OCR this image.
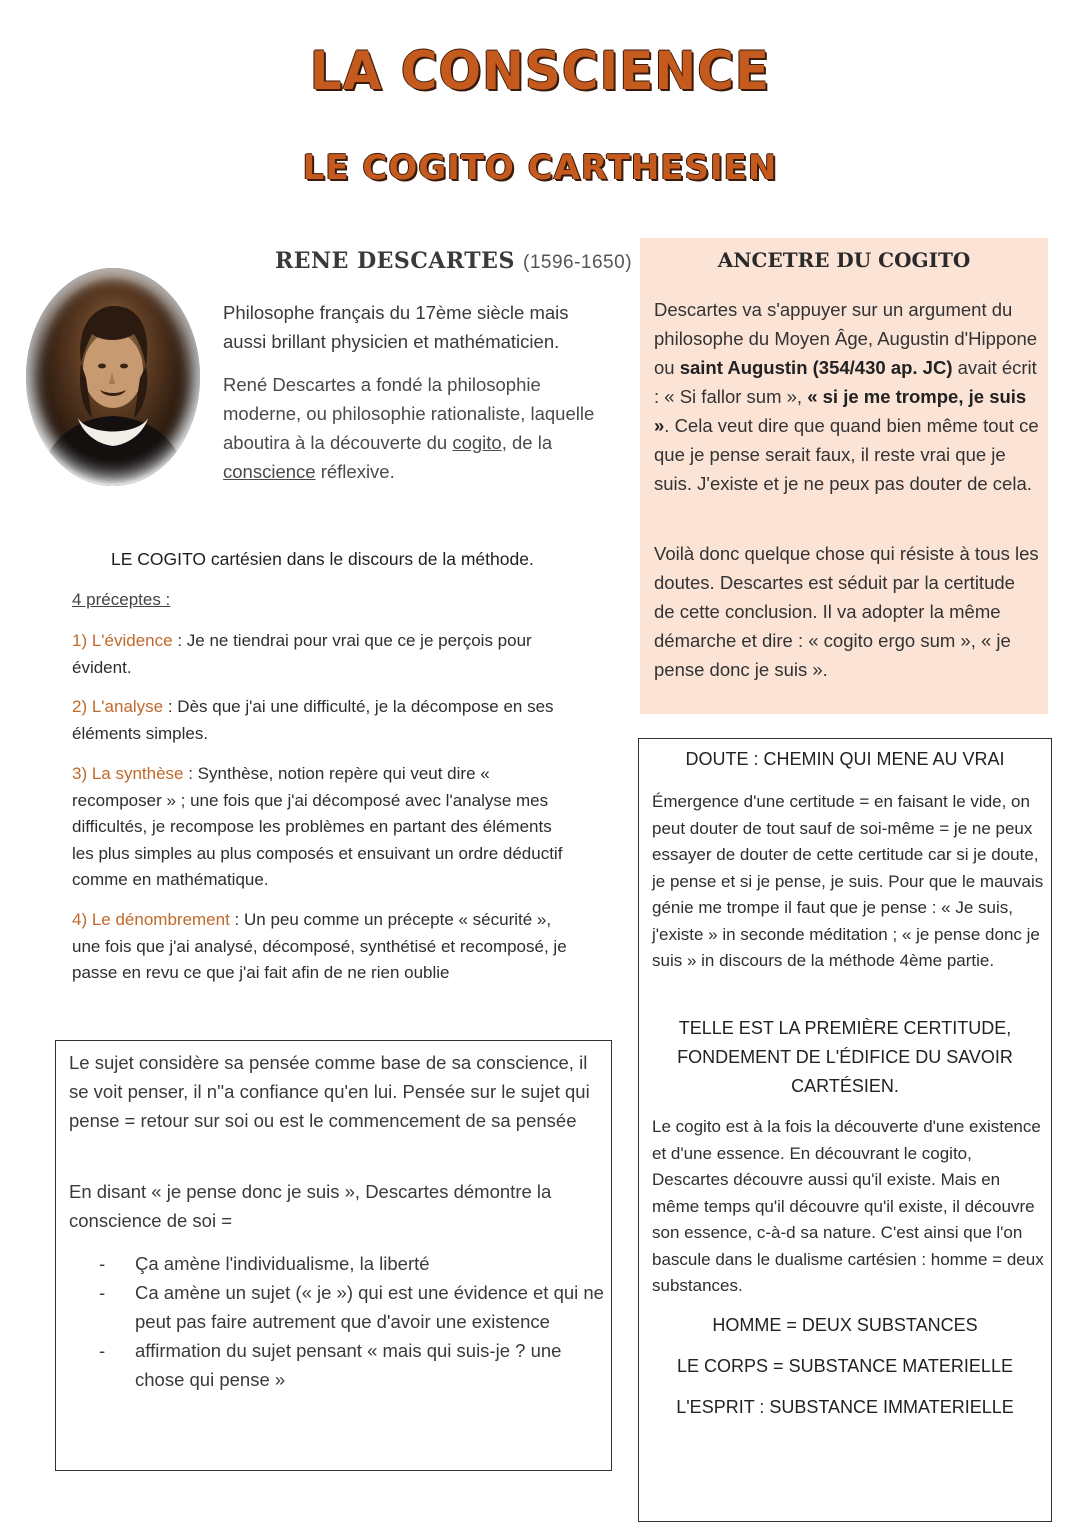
LA CONSCIENCE
LE COGITO CARTHESIEN
RENE DESCARTES (1596-1650)
Philosophe français du 17ème siècle mais aussi brillant physicien et mathématicien.
René Descartes a fondé la philosophie moderne, ou philosophie rationaliste, laquelle aboutira à la découverte du cogito, de la conscience réflexive.
LE COGITO cartésien dans le discours de la méthode.
4 préceptes :
1) L'évidence : Je ne tiendrai pour vrai que ce je perçois pour évident.
2) L'analyse : Dès que j'ai une difficulté, je la décompose en ses éléments simples.
3) La synthèse : Synthèse, notion repère qui veut dire « recomposer » ; une fois que j'ai décomposé avec l'analyse mes difficultés, je recompose les problèmes en partant des éléments les plus simples au plus composés et ensuivant un ordre déductif comme en mathématique.
4) Le dénombrement : Un peu comme un précepte « sécurité », une fois que j'ai analysé, décomposé, synthétisé et recomposé, je passe en revu ce que j'ai fait afin de ne rien oublie
Le sujet considère sa pensée comme base de sa conscience, il se voit penser, il n''a confiance qu'en lui. Pensée sur le sujet qui pense = retour sur soi ou est le commencement de sa pensée
En disant « je pense donc je suis », Descartes démontre la conscience de soi =
- Ça amène l'individualisme, la liberté
- Ca amène un sujet (« je ») qui est une évidence et qui ne peut pas faire autrement que d'avoir une existence
- affirmation du sujet pensant « mais qui suis-je ? une chose qui pense »
ANCETRE DU COGITO
Descartes va s'appuyer sur un argument du philosophe du Moyen Âge, Augustin d'Hippone ou saint Augustin (354/430 ap. JC) avait écrit : « Si fallor sum », « si je me trompe, je suis ». Cela veut dire que quand bien même tout ce que je pense serait faux, il reste vrai que je suis. J'existe et je ne peux pas douter de cela.
Voilà donc quelque chose qui résiste à tous les doutes. Descartes est séduit par la certitude de cette conclusion. Il va adopter la même démarche et dire : « cogito ergo sum », « je pense donc je suis ».
DOUTE : CHEMIN QUI MENE AU VRAI
Émergence d'une certitude = en faisant le vide, on peut douter de tout sauf de soi-même = je ne peux essayer de douter de cette certitude car si je doute, je pense et si je pense, je suis. Pour que le mauvais génie me trompe il faut que je pense : « Je suis, j'existe » in seconde méditation ; « je pense donc je suis » in discours de la méthode 4ème partie.
TELLE EST LA PREMIÈRE CERTITUDE, FONDEMENT DE L'ÉDIFICE DU SAVOIR CARTÉSIEN.
Le cogito est à la fois la découverte d'une existence et d'une essence. En découvrant le cogito, Descartes découvre aussi qu'il existe. Mais en même temps qu'il découvre qu'il existe, il découvre son essence, c-à-d sa nature. C'est ainsi que l'on bascule dans le dualisme cartésien : homme = deux substances.
HOMME = DEUX SUBSTANCES
LE CORPS = SUBSTANCE MATERIELLE
L'ESPRIT : SUBSTANCE IMMATERIELLE
